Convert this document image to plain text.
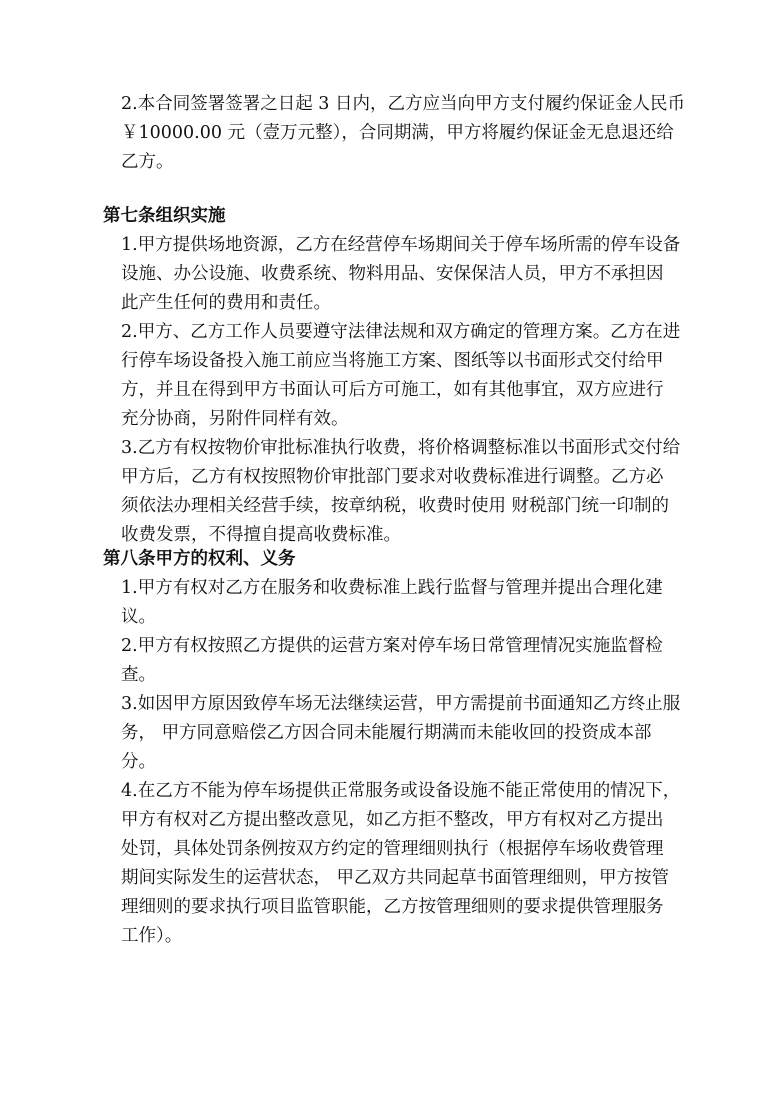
2.本合同签署签署之日起 3 日内，乙方应当向甲方支付履约保证金人民币
￥10000.00 元（壹万元整），合同期满，甲方将履约保证金无息退还给
乙方。
第七条组织实施
1.甲方提供场地资源，乙方在经营停车场期间关于停车场所需的停车设备
设施、办公设施、收费系统、物料用品、安保保洁人员，甲方不承担因
此产生任何的费用和责任。
2.甲方、乙方工作人员要遵守法律法规和双方确定的管理方案。乙方在进
行停车场设备投入施工前应当将施工方案、图纸等以书面形式交付给甲
方，并且在得到甲方书面认可后方可施工，如有其他事宜，双方应进行
充分协商，另附件同样有效。
3.乙方有权按物价审批标准执行收费，将价格调整标准以书面形式交付给
甲方后，乙方有权按照物价审批部门要求对收费标准进行调整。乙方必
须依法办理相关经营手续，按章纳税，收费时使用 财税部门统一印制的
收费发票，不得擅自提高收费标准。
第八条甲方的权利、义务
1.甲方有权对乙方在服务和收费标准上践行监督与管理并提出合理化建
议。
2.甲方有权按照乙方提供的运营方案对停车场日常管理情况实施监督检
查。
3.如因甲方原因致停车场无法继续运营，甲方需提前书面通知乙方终止服
务， 甲方同意赔偿乙方因合同未能履行期满而未能收回的投资成本部
分。
4.在乙方不能为停车场提供正常服务或设备设施不能正常使用的情况下，
甲方有权对乙方提出整改意见，如乙方拒不整改，甲方有权对乙方提出
处罚，具体处罚条例按双方约定的管理细则执行（根据停车场收费管理
期间实际发生的运营状态， 甲乙双方共同起草书面管理细则，甲方按管
理细则的要求执行项目监管职能，乙方按管理细则的要求提供管理服务
工作）。
